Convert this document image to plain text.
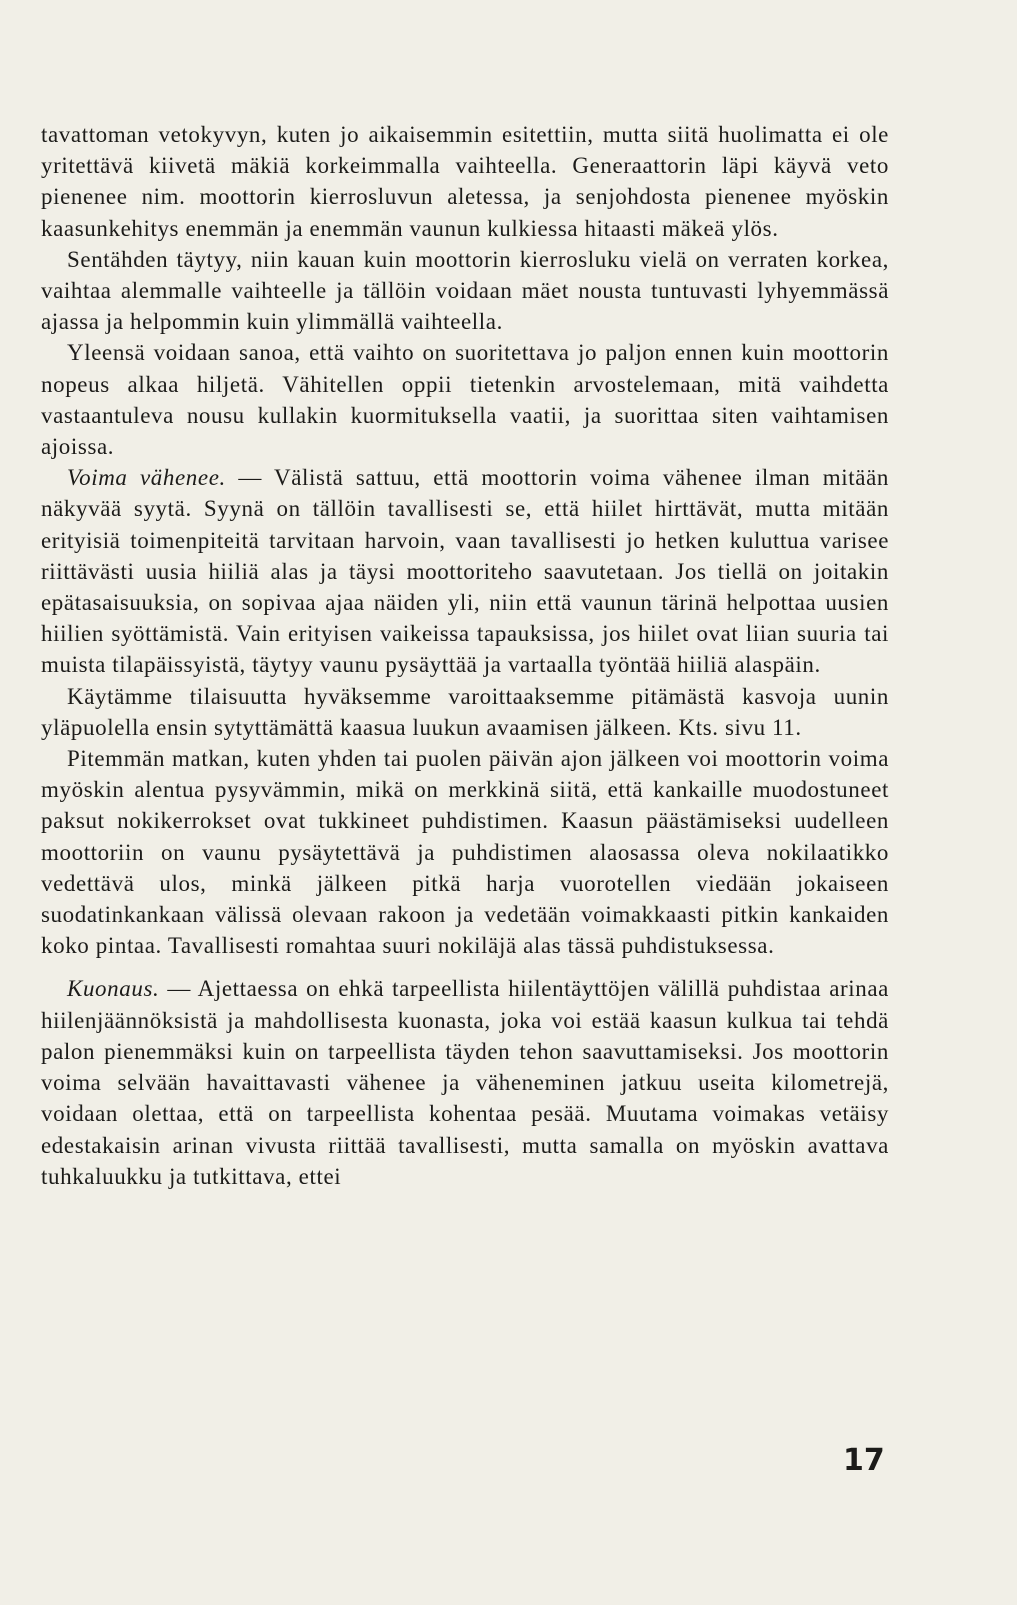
tavattoman vetokyvyn, kuten jo aikaisemmin esitettiin, mutta siitä huolimatta ei ole yritettävä kiivetä mäkiä korkeimmalla vaihteella. Generaattorin läpi käyvä veto pienenee nim. moottorin kierrosluvun aletessa, ja senjohdosta pienenee myöskin kaasunkehitys enemmän ja enemmän vaunun kulkiessa hitaasti mäkeä ylös.

Sentähden täytyy, niin kauan kuin moottorin kierrosluku vielä on verraten korkea, vaihtaa alemmalle vaihteelle ja tällöin voidaan mäet nousta tuntuvasti lyhyemmässä ajassa ja helpommin kuin ylimmällä vaihteella.

Yleensä voidaan sanoa, että vaihto on suoritettava jo paljon ennen kuin moottorin nopeus alkaa hiljetä. Vähitellen oppii tietenkin arvostelemaan, mitä vaihdetta vastaantuleva nousu kullakin kuormituksella vaatii, ja suorittaa siten vaihtamisen ajoissa.

Voima vähenee. — Välistä sattuu, että moottorin voima vähenee ilman mitään näkyvää syytä. Syynä on tällöin tavallisesti se, että hiilet hirttävät, mutta mitään erityisiä toimenpiteitä tarvitaan harvoin, vaan tavallisesti jo hetken kuluttua varisee riittävästi uusia hiiliä alas ja täysi moottoriteho saavutetaan. Jos tiellä on joitakin epätasaisuuksia, on sopivaa ajaa näiden yli, niin että vaunun tärinä helpottaa uusien hiilien syöttämistä. Vain erityisen vaikeissa tapauksissa, jos hiilet ovat liian suuria tai muista tilapäissyistä, täytyy vaunu pysäyttää ja vartaalla työntää hiiliä alaspäin.

Käytämme tilaisuutta hyväksemme varoittaaksemme pitämästä kasvoja uunin yläpuolella ensin sytyttämättä kaasua luukun avaamisen jälkeen. Kts. sivu 11.

Pitemmän matkan, kuten yhden tai puolen päivän ajon jälkeen voi moottorin voima myöskin alentua pysyvämmin, mikä on merkkinä siitä, että kankaille muodostuneet paksut nokikerrokset ovat tukkineet puhdistimen. Kaasun päästämiseksi uudelleen moottoriin on vaunu pysäytettävä ja puhdistimen alaosassa oleva nokilaatikko vedettävä ulos, minkä jälkeen pitkä harja vuorotellen viedään jokaiseen suodatinkankaan välissä olevaan rakoon ja vedetään voimakkaasti pitkin kankaiden koko pintaa. Tavallisesti romahtaa suuri nokiläjä alas tässä puhdistuksessa.

Kuonaus. — Ajettaessa on ehkä tarpeellista hiilentäyttöjen välillä puhdistaa arinaa hiilenjäännöksistä ja mahdollisesta kuonasta, joka voi estää kaasun kulkua tai tehdä palon pienemmäksi kuin on tarpeellista täyden tehon saavuttamiseksi. Jos moottorin voima selvään havaittavasti vähenee ja väheneminen jatkuu useita kilometrejä, voidaan olettaa, että on tarpeellista kohentaa pesää. Muutama voimakas vetäisy edestakaisin arinan vivusta riittää tavallisesti, mutta samalla on myöskin avattava tuhkaluukku ja tutkittava, ettei

17
